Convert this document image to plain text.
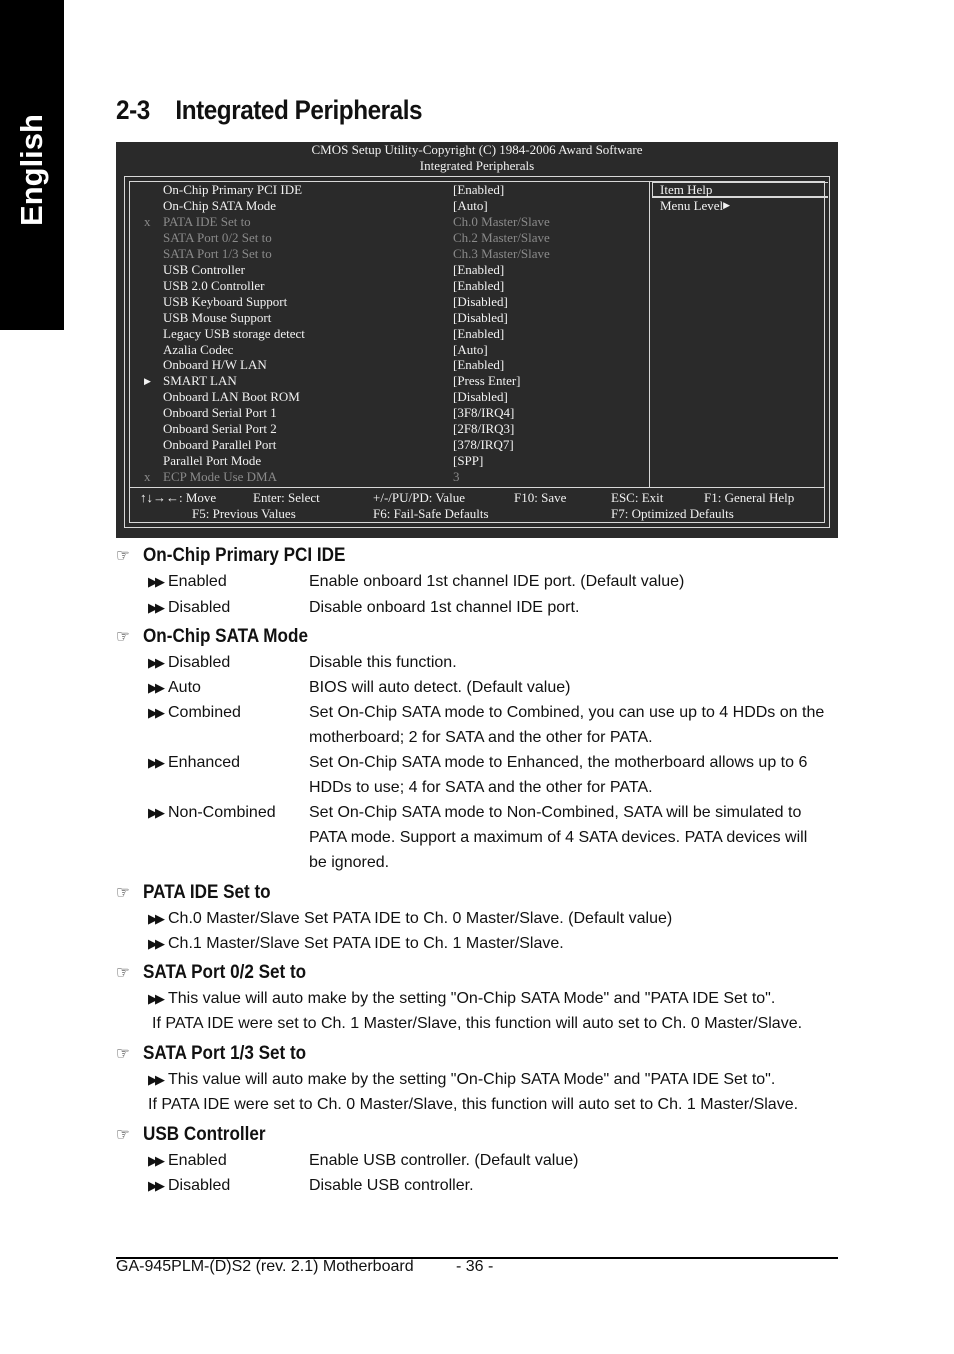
English
2-3 Integrated Peripherals
CMOS Setup Utility-Copyright (C) 1984-2006 Award Software
Integrated Peripherals
Item Help
Menu Level▶
On-Chip Primary PCI IDE	[Enabled]
On-Chip SATA Mode	[Auto]
x PATA IDE Set to	Ch.0 Master/Slave
SATA Port 0/2 Set to	Ch.2 Master/Slave
SATA Port 1/3 Set to	Ch.3 Master/Slave
USB Controller	[Enabled]
USB 2.0 Controller	[Enabled]
USB Keyboard Support	[Disabled]
USB Mouse Support	[Disabled]
Legacy USB storage detect	[Enabled]
Azalia Codec	[Auto]
Onboard H/W LAN	[Enabled]
▶ SMART LAN	[Press Enter]
Onboard LAN Boot ROM	[Disabled]
Onboard Serial Port 1	[3F8/IRQ4]
Onboard Serial Port 2	[2F8/IRQ3]
Onboard Parallel Port	[378/IRQ7]
Parallel Port Mode	[SPP]
x ECP Mode Use DMA	3
↑↓→←: Move	Enter: Select	+/-/PU/PD: Value	F10: Save	ESC: Exit	F1: General Help
F5: Previous Values	F6: Fail-Safe Defaults	F7: Optimized Defaults
☞ On-Chip Primary PCI IDE
▶▶ Enabled	Enable onboard 1st channel IDE port. (Default value)
▶▶ Disabled	Disable onboard 1st channel IDE port.
☞ On-Chip SATA Mode
▶▶ Disabled	Disable this function.
▶▶ Auto	BIOS will auto detect. (Default value)
▶▶ Combined	Set On-Chip SATA mode to Combined, you can use up to 4 HDDs on the motherboard; 2 for SATA and the other for PATA.
▶▶ Enhanced	Set On-Chip SATA mode to Enhanced, the motherboard allows up to 6 HDDs to use; 4 for SATA and the other for PATA.
▶▶ Non-Combined Set On-Chip SATA mode to Non-Combined, SATA will be simulated to PATA mode. Support a maximum of 4 SATA devices. PATA devices will be ignored.
☞ PATA IDE Set to
▶▶ Ch.0 Master/Slave Set PATA IDE to Ch. 0 Master/Slave. (Default value)
▶▶ Ch.1 Master/Slave Set PATA IDE to Ch. 1 Master/Slave.
☞ SATA Port 0/2 Set to
▶▶ This value will auto make by the setting "On-Chip SATA Mode" and "PATA IDE Set to".
If PATA IDE were set to Ch. 1 Master/Slave, this function will auto set to Ch. 0 Master/Slave.
☞ SATA Port 1/3 Set to
▶▶ This value will auto make by the setting "On-Chip SATA Mode" and "PATA IDE Set to".
If PATA IDE were set to Ch. 0 Master/Slave, this function will auto set to Ch. 1 Master/Slave.
☞ USB Controller
▶▶ Enabled	Enable USB controller. (Default value)
▶▶ Disabled	Disable USB controller.
GA-945PLM-(D)S2 (rev. 2.1) Motherboard	- 36 -
